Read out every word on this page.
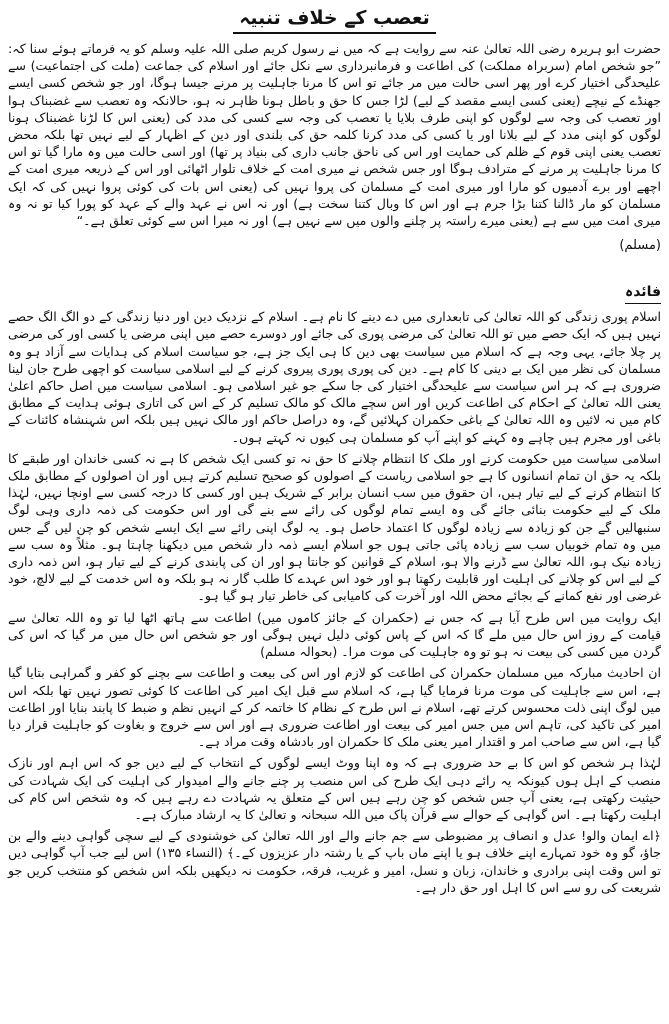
تعصب کے خلاف تنبیہ

حضرت ابو ہریرہ رضی اللہ تعالیٰ عنہ سے روایت ہے کہ میں نے رسول کریم صلی اللہ علیہ وسلم کو یہ فرماتے ہوئے سنا کہ: ”جو شخص امام (سربراہ مملکت) کی اطاعت و فرمانبرداری سے نکل جائے اور اسلام کی جماعت (ملت کی اجتماعیت) سے علیحدگی اختیار کرے اور پھر اسی حالت میں مر جائے تو اس کا مرنا جاہلیت پر مرنے جیسا ہوگا، اور جو شخص کسی ایسے جھنڈے کے نیچے (یعنی کسی ایسے مقصد کے لیے) لڑا جس کا حق و باطل ہونا ظاہر نہ ہو، حالانکہ وہ تعصب سے غضبناک ہوا اور تعصب کی وجہ سے لوگوں کو اپنی طرف بلایا یا تعصب کی وجہ سے کسی کی مدد کی (یعنی اس کا لڑنا غضبناک ہونا لوگوں کو اپنی مدد کے لیے بلانا اور یا کسی کی مدد کرنا کلمہ حق کی بلندی اور دین کے اظہار کے لیے نہیں تھا بلکہ محض تعصب یعنی اپنی قوم کے ظلم کی حمایت اور اس کی ناحق جانب داری کی بنیاد پر تھا) اور اسی حالت میں وہ مارا گیا تو اس کا مرنا جاہلیت پر مرنے کے مترادف ہوگا اور جس شخص نے میری امت کے خلاف تلوار اٹھائی اور اس کے ذریعہ میری امت کے اچھے اور برے آدمیوں کو مارا اور میری امت کے مسلمان کی پروا نہیں کی (یعنی اس بات کی کوئی پروا نہیں کی کہ ایک مسلمان کو مار ڈالنا کتنا بڑا جرم ہے اور اس کا وبال کتنا سخت ہے) اور نہ اس نے عہد والے کے عہد کو پورا کیا تو نہ وہ میری امت میں سے ہے (یعنی میرے راستہ پر چلنے والوں میں سے نہیں ہے) اور نہ میرا اس سے کوئی تعلق ہے۔“

(مسلم)

فائدہ

اسلام پوری زندگی کو اللہ تعالیٰ کی تابعداری میں دے دینے کا نام ہے۔ اسلام کے نزدیک دین اور دنیا زندگی کے دو الگ الگ حصے نہیں ہیں کہ ایک حصے میں تو اللہ تعالیٰ کی مرضی پوری کی جائے اور دوسرے حصے میں اپنی مرضی یا کسی اور کی مرضی پر چلا جائے، یہی وجہ ہے کہ اسلام میں سیاست بھی دین کا ہی ایک جز ہے، جو سیاست اسلام کی ہدایات سے آزاد ہو وہ مسلمان کی نظر میں ایک بے دینی کا کام ہے۔ دین کی پوری پوری پیروی کرنے کے لیے اسلامی سیاست کو اچھی طرح جان لینا ضروری ہے کہ ہر اس سیاست سے علیحدگی اختیار کی جا سکے جو غیر اسلامی ہو۔ اسلامی سیاست میں اصل حاکم اعلیٰ یعنی اللہ تعالیٰ کے احکام کی اطاعت کریں اور اس سچے مالک کو مالک تسلیم کر کے اس کی اتاری ہوئی ہدایت کے مطابق کام میں نہ لائیں وہ اللہ تعالیٰ کے باغی حکمران کہلائیں گے، وہ دراصل حاکم اور مالک نہیں ہیں بلکہ اس شہنشاہ کائنات کے باغی اور مجرم ہیں چاہے وہ کہنے کو اپنے آپ کو مسلمان ہی کیوں نہ کہتے ہوں۔

اسلامی سیاست میں حکومت کرنے اور ملک کا انتظام چلانے کا حق نہ تو کسی ایک شخص کا ہے نہ کسی خاندان اور طبقے کا بلکہ یہ حق ان تمام انسانوں کا ہے جو اسلامی ریاست کے اصولوں کو صحیح تسلیم کرتے ہیں اور ان اصولوں کے مطابق ملک کا انتظام کرنے کے لیے تیار ہیں، ان حقوق میں سب انسان برابر کے شریک ہیں اور کسی کا درجہ کسی سے اونچا نہیں، لہٰذا ملک کے لیے حکومت بنائی جائے گی وہ ایسے تمام لوگوں کی رائے سے بنے گی اور اس حکومت کی ذمہ داری وہی لوگ سنبھالیں گے جن کو زیادہ سے زیادہ لوگوں کا اعتماد حاصل ہو۔ یہ لوگ اپنی رائے سے ایک ایسے شخص کو چن لیں گے جس میں وہ تمام خوبیاں سب سے زیادہ پائی جاتی ہوں جو اسلام ایسے ذمہ دار شخص میں دیکھنا چاہتا ہو۔ مثلاً وہ سب سے زیادہ نیک ہو، اللہ تعالیٰ سے ڈرنے والا ہو، اسلام کے قوانین کو جانتا ہو اور ان کی پابندی کرنے کے لیے تیار ہو، اس ذمہ داری کے لیے اس کو چلانے کی اہلیت اور قابلیت رکھتا ہو اور خود اس عہدے کا طلب گار نہ ہو بلکہ وہ اس خدمت کے لیے لالچ، خود غرضی اور نفع کمانے کے بجائے محض اللہ اور آخرت کی کامیابی کی خاطر تیار ہو گیا ہو۔

ایک روایت میں اس طرح آیا ہے کہ جس نے (حکمران کے جائز کاموں میں) اطاعت سے ہاتھ اٹھا لیا تو وہ اللہ تعالیٰ سے قیامت کے روز اس حال میں ملے گا کہ اس کے پاس کوئی دلیل نہیں ہوگی اور جو شخص اس حال میں مر گیا کہ اس کی گردن میں کسی کی بیعت نہ ہو تو وہ جاہلیت کی موت مرا۔ (بحوالہ مسلم)

ان احادیث مبارکہ میں مسلمان حکمران کی اطاعت کو لازم اور اس کی بیعت و اطاعت سے بچنے کو کفر و گمراہی بتایا گیا ہے، اس سے جاہلیت کی موت مرنا فرمایا گیا ہے، کہ اسلام سے قبل ایک امیر کی اطاعت کا کوئی تصور نہیں تھا بلکہ اس میں لوگ اپنی ذلت محسوس کرتے تھے، اسلام نے اس طرح کے نظام کا خاتمہ کر کے انہیں نظم و ضبط کا پابند بنایا اور اطاعت امیر کی تاکید کی، تاہم اس میں جس امیر کی بیعت اور اطاعت ضروری ہے اور اس سے خروج و بغاوت کو جاہلیت قرار دیا گیا ہے، اس سے صاحب امر و اقتدار امیر یعنی ملک کا حکمران اور بادشاہ وقت مراد ہے۔

لہٰذا ہر شخص کو اس کا بے حد ضروری ہے کہ وہ اپنا ووٹ ایسے لوگوں کے انتخاب کے لیے دیں جو کہ اس اہم اور نازک منصب کے اہل ہوں کیونکہ یہ رائے دہی ایک طرح کی اس منصب پر چنے جانے والے امیدوار کی اہلیت کی ایک شہادت کی حیثیت رکھتی ہے، یعنی آپ جس شخص کو چن رہے ہیں اس کے متعلق یہ شہادت دے رہے ہیں کہ وہ شخص اس کام کی اہلیت رکھتا ہے۔ اس گواہی کے حوالے سے قرآن پاک میں اللہ سبحانہ و تعالیٰ کا یہ ارشاد مبارک ہے۔

﴿اے ایمان والو! عدل و انصاف پر مضبوطی سے جم جانے والے اور اللہ تعالیٰ کی خوشنودی کے لیے سچی گواہی دینے والے بن جاؤ، گو وہ خود تمہارے اپنے خلاف ہو یا اپنے ماں باپ کے یا رشتہ دار عزیزوں کے۔﴾ (النساء ۱۳۵) اس لیے جب آپ گواہی دیں تو اس وقت اپنی برادری و خاندان، زبان و نسل، امیر و غریب، فرقہ، حکومت نہ دیکھیں بلکہ اس شخص کو منتخب کریں جو شریعت کی رو سے اس کا اہل اور حق دار ہے۔
